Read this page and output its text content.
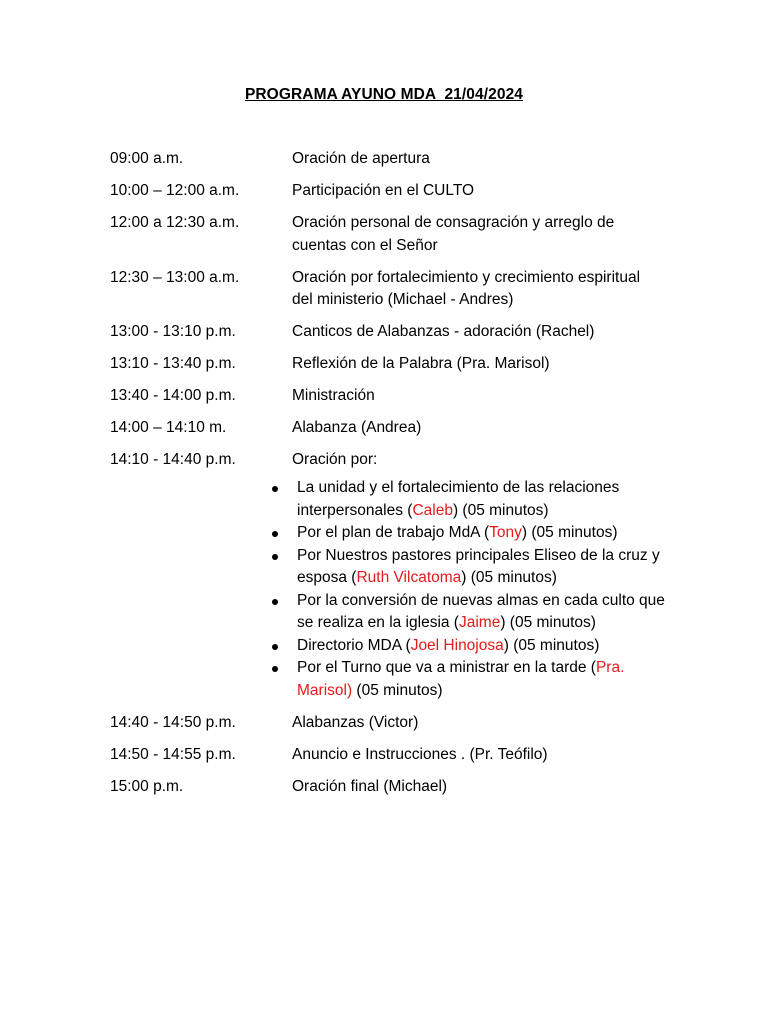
PROGRAMA AYUNO MDA  21/04/2024
09:00 a.m.	Oración de apertura
10:00 – 12:00 a.m.	Participación en el CULTO
12:00 a 12:30 a.m.	Oración personal de consagración y arreglo de cuentas con el Señor
12:30 – 13:00 a.m.	Oración por fortalecimiento y crecimiento espiritual del ministerio (Michael - Andres)
13:00 - 13:10 p.m.	Canticos de Alabanzas - adoración (Rachel)
13:10 - 13:40 p.m.	Reflexión de la Palabra (Pra. Marisol)
13:40 - 14:00 p.m.	Ministración
14:00 – 14:10 m.	Alabanza (Andrea)
14:10 - 14:40 p.m.	Oración por:
La unidad y el fortalecimiento de las relaciones interpersonales (Caleb) (05 minutos)
Por el plan de trabajo MdA (Tony) (05 minutos)
Por Nuestros pastores principales Eliseo de la cruz y esposa (Ruth Vilcatoma) (05 minutos)
Por la conversión de nuevas almas en cada culto que se realiza en la iglesia (Jaime) (05 minutos)
Directorio MDA (Joel Hinojosa) (05 minutos)
Por el Turno que va a ministrar en la tarde (Pra. Marisol) (05 minutos)
14:40 - 14:50 p.m.	Alabanzas (Victor)
14:50 - 14:55 p.m.	Anuncio e Instrucciones . (Pr. Teófilo)
15:00 p.m.	Oración final (Michael)
